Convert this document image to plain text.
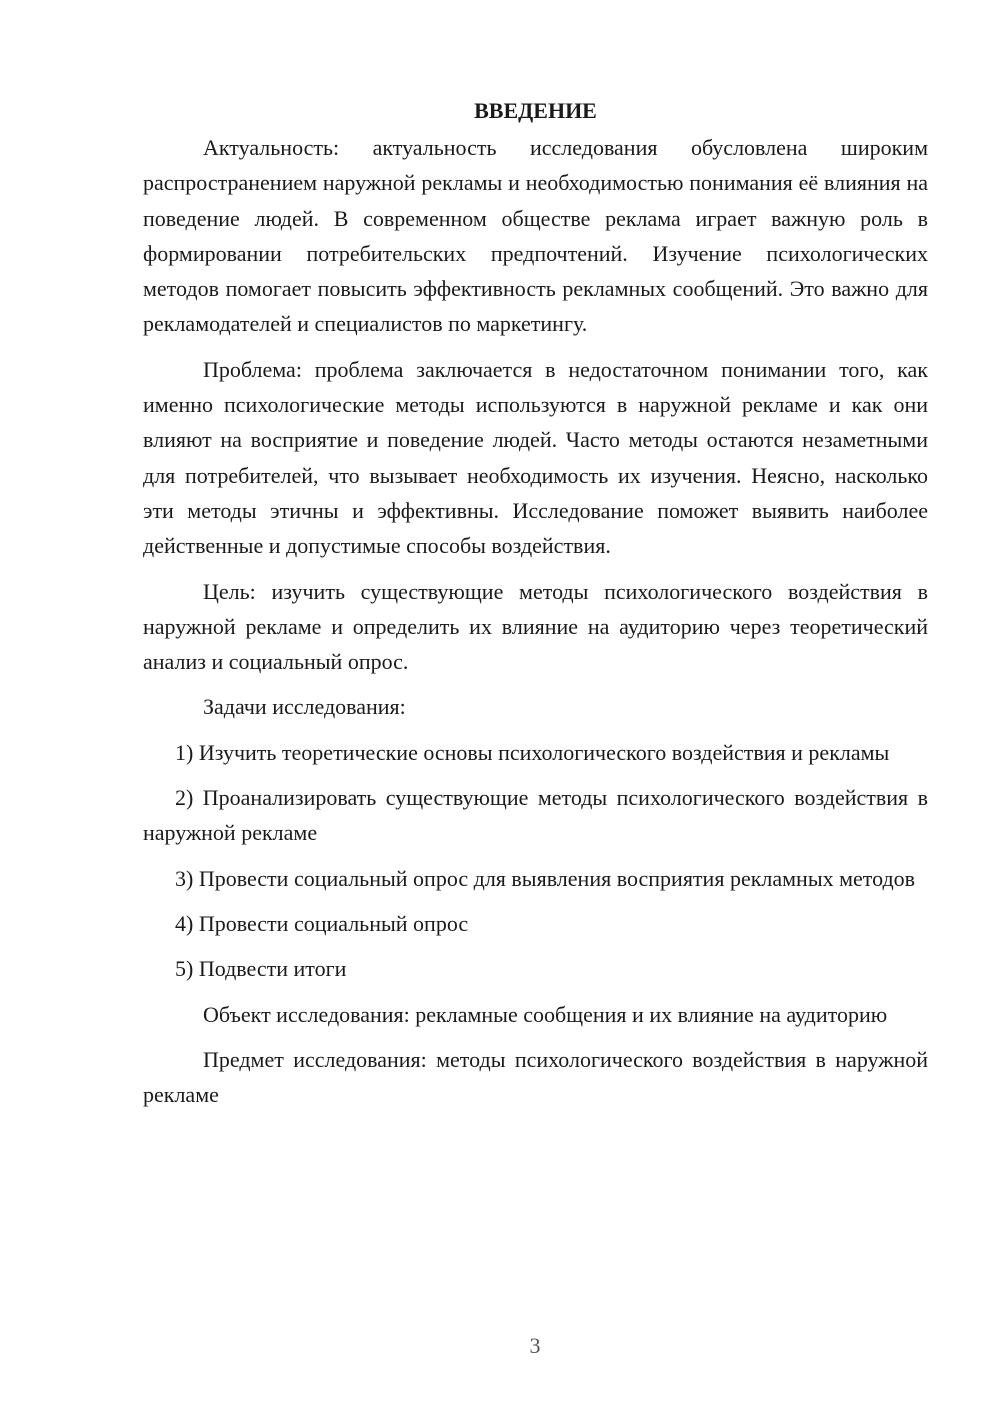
ВВЕДЕНИЕ

Актуальность: актуальность исследования обусловлена широким распространением наружной рекламы и необходимостью понимания её влияния на поведение людей. В современном обществе реклама играет важную роль в формировании потребительских предпочтений. Изучение психологических методов помогает повысить эффективность рекламных сообщений. Это важно для рекламодателей и специалистов по маркетингу.

Проблема: проблема заключается в недостаточном понимании того, как именно психологические методы используются в наружной рекламе и как они влияют на восприятие и поведение людей. Часто методы остаются незаметными для потребителей, что вызывает необходимость их изучения. Неясно, насколько эти методы этичны и эффективны. Исследование поможет выявить наиболее действенные и допустимые способы воздействия.

Цель: изучить существующие методы психологического воздействия в наружной рекламе и определить их влияние на аудиторию через теоретический анализ и социальный опрос.

Задачи исследования:

1) Изучить теоретические основы психологического воздействия и рекламы

2) Проанализировать существующие методы психологического воздействия в наружной рекламе

3) Провести социальный опрос для выявления восприятия рекламных методов

4) Провести социальный опрос

5) Подвести итоги

Объект исследования: рекламные сообщения и их влияние на аудиторию

Предмет исследования: методы психологического воздействия в наружной рекламе

3
